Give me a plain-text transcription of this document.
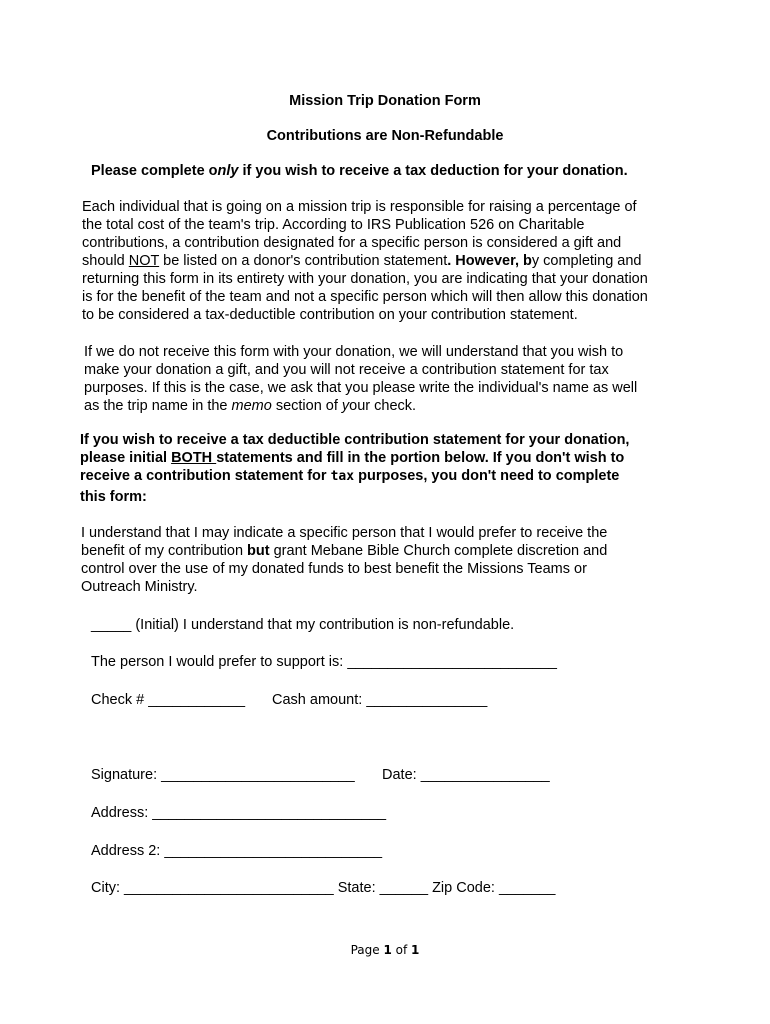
Mission Trip Donation Form
Contributions are Non-Refundable
Please complete only if you wish to receive a tax deduction for your donation.
Each individual that is going on a mission trip is responsible for raising a percentage of
the total cost of the team's trip. According to IRS Publication 526 on Charitable
contributions, a contribution designated for a specific person is considered a gift and
should NOT be listed on a donor's contribution statement. However, by completing and
returning this form in its entirety with your donation, you are indicating that your donation
is for the benefit of the team and not a specific person which will then allow this donation
to be considered a tax-deductible contribution on your contribution statement.
If we do not receive this form with your donation, we will understand that you wish to
make your donation a gift, and you will not receive a contribution statement for tax
purposes. If this is the case, we ask that you please write the individual's name as well
as the trip name in the memo section of your check.
If you wish to receive a tax deductible contribution statement for your donation,
please initial BOTH statements and fill in the portion below. If you don't wish to
receive a contribution statement for tax purposes, you don't need to complete
this form:
I understand that I may indicate a specific person that I would prefer to receive the
benefit of my contribution but grant Mebane Bible Church complete discretion and
control over the use of my donated funds to best benefit the Missions Teams or
Outreach Ministry.
_____ (Initial) I understand that my contribution is non-refundable.
The person I would prefer to support is: __________________________
Check # ____________ Cash amount: _______________
Signature: ________________________ Date: ________________
Address: _____________________________
Address 2: ___________________________
City: __________________________ State: ______ Zip Code: _______
Page 1 of 1
